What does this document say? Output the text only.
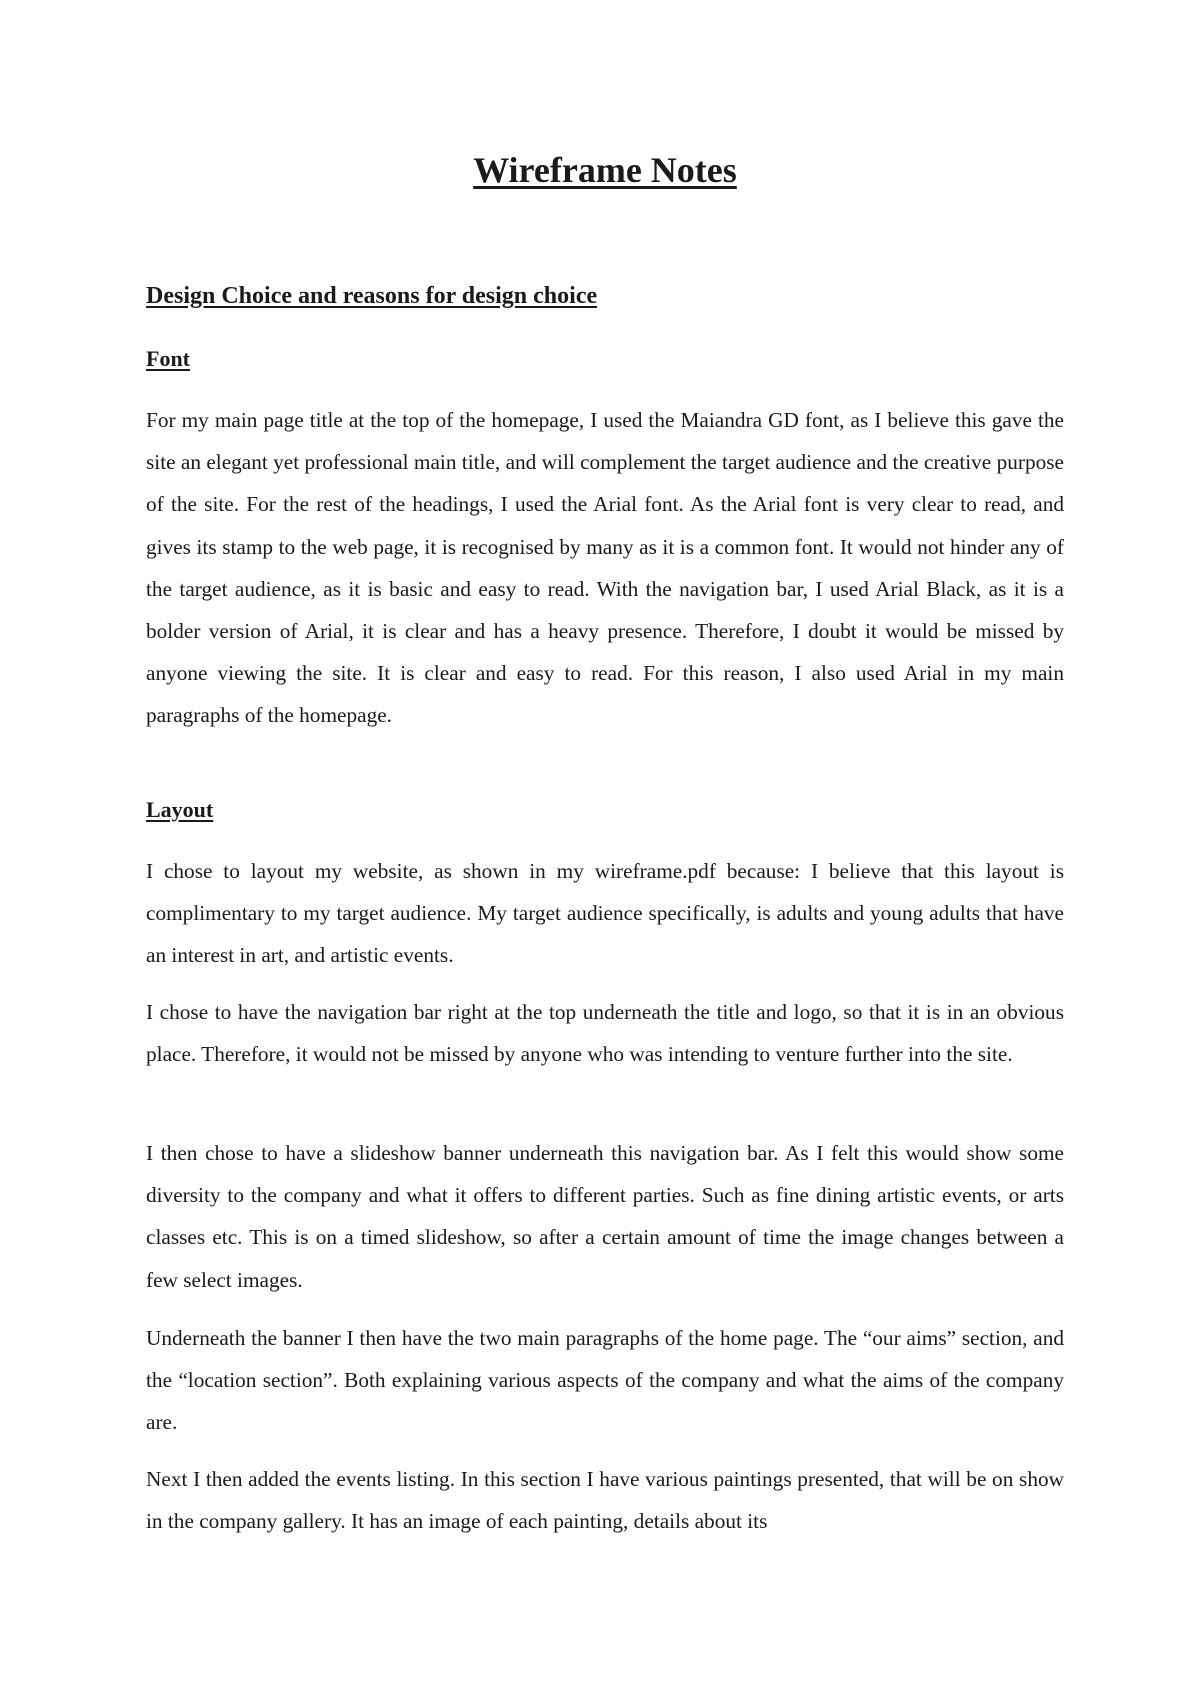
Wireframe Notes
Design Choice and reasons for design choice
Font

For my main page title at the top of the homepage, I used the Maiandra GD font, as I believe this gave the site an elegant yet professional main title, and will complement the target audience and the creative purpose of the site. For the rest of the headings, I used the Arial font. As the Arial font is very clear to read, and gives its stamp to the web page, it is recognised by many as it is a common font. It would not hinder any of the target audience, as it is basic and easy to read. With the navigation bar, I used Arial Black, as it is a bolder version of Arial, it is clear and has a heavy presence. Therefore, I doubt it would be missed by anyone viewing the site. It is clear and easy to read. For this reason, I also used Arial in my main paragraphs of the homepage.

Layout

I chose to layout my website, as shown in my wireframe.pdf because: I believe that this layout is complimentary to my target audience. My target audience specifically, is adults and young adults that have an interest in art, and artistic events.

I chose to have the navigation bar right at the top underneath the title and logo, so that it is in an obvious place. Therefore, it would not be missed by anyone who was intending to venture further into the site.

I then chose to have a slideshow banner underneath this navigation bar. As I felt this would show some diversity to the company and what it offers to different parties. Such as fine dining artistic events, or arts classes etc. This is on a timed slideshow, so after a certain amount of time the image changes between a few select images.

Underneath the banner I then have the two main paragraphs of the home page. The “our aims” section, and the “location section”. Both explaining various aspects of the company and what the aims of the company are.

Next I then added the events listing. In this section I have various paintings presented, that will be on show in the company gallery. It has an image of each painting, details about its
